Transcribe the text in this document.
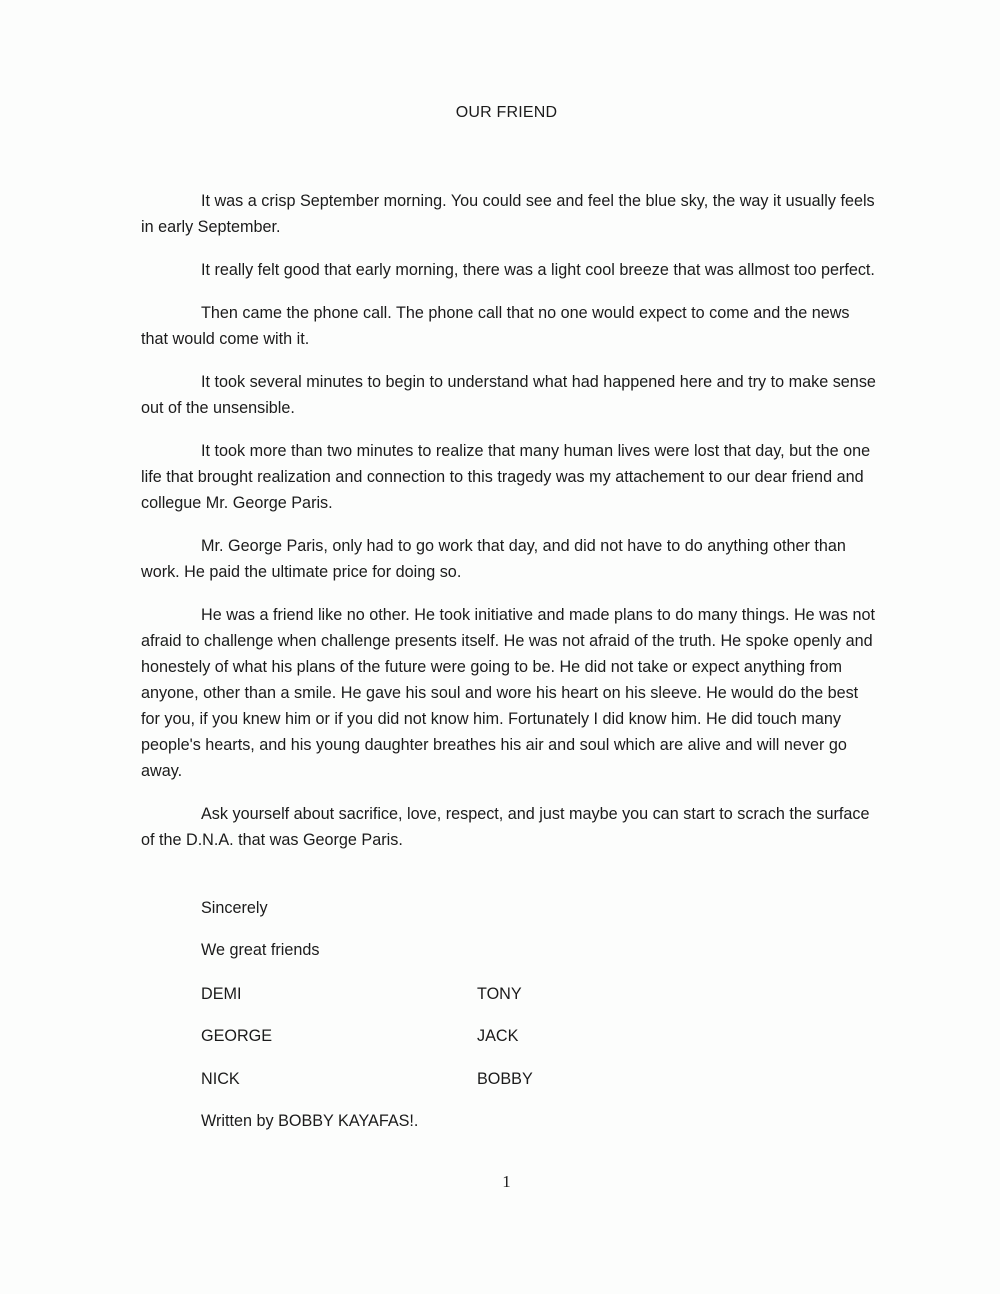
OUR FRIEND

It was a crisp September morning. You could see and feel the blue sky, the way it usually feels in early September.

It really felt good that early morning, there was a light cool breeze that was allmost too perfect.

Then came the phone call. The phone call that no one would expect to come and the news that would come with it.

It took several minutes to begin to understand what had happened here and try to make sense out of the unsensible.

It took more than two minutes to realize that many human lives were lost that day, but the one life that brought realization and connection to this tragedy was my attachement to our dear friend and collegue Mr. George Paris.

Mr. George Paris, only had to go work that day, and did not have to do anything other than work. He paid the ultimate price for doing so.

He was a friend like no other. He took initiative and made plans to do many things. He was not afraid to challenge when challenge presents itself. He was not afraid of the truth. He spoke openly and honestely of what his plans of the future were going to be. He did not take or expect anything from anyone, other than a smile. He gave his soul and wore his heart on his sleeve. He would do the best for you, if you knew him or if you did not know him. Fortunately I did know him. He did touch many people's hearts, and his young daughter breathes his air and soul which are alive and will never go away.

Ask yourself about sacrifice, love, respect, and just maybe you can start to scrach the surface of the D.N.A. that was George Paris.

Sincerely
We great friends
DEMI
GEORGE
NICK
TONY
JACK
BOBBY
Written by BOBBY KAYAFAS!.
1
